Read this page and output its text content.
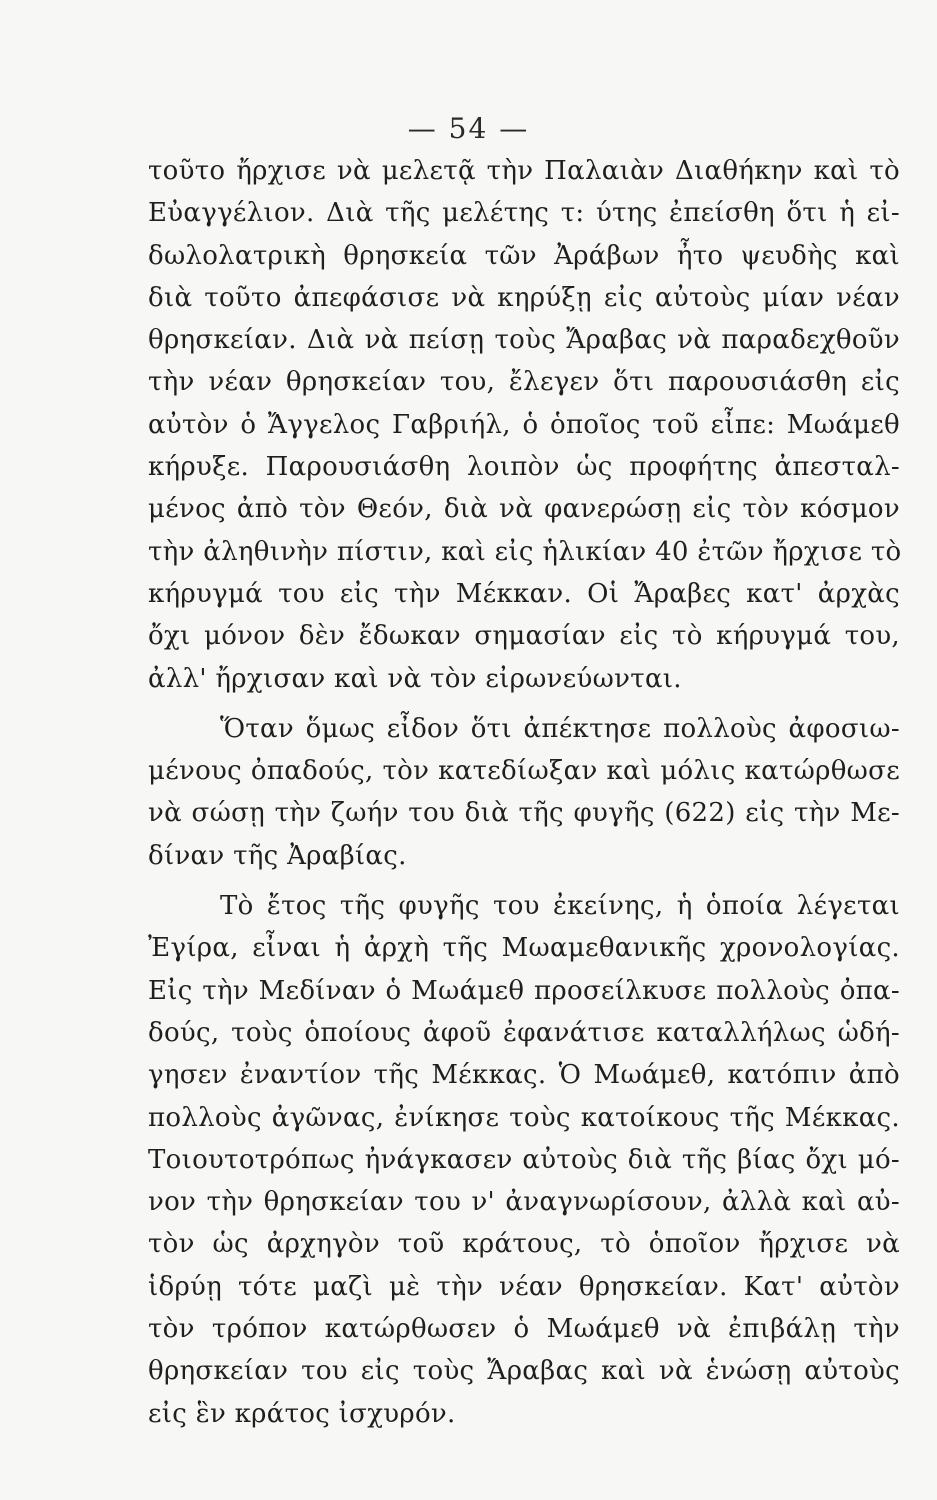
— 54 —
τοῦτο ἤρχισε νὰ μελετᾷ τὴν Παλαιὰν Διαθήκην καὶ τὸ
Εὐαγγέλιον. Διὰ τῆς μελέτης τ: ύτης ἐπείσθη ὅτι ἡ εἰ-
δωλολατρικὴ θρησκεία τῶν Ἀράβων ἦτο ψευδὴς καὶ
διὰ τοῦτο ἀπεφάσισε νὰ κηρύξῃ εἰς αὐτοὺς μίαν νέαν
θρησκείαν. Διὰ νὰ πείσῃ τοὺς Ἄραβας νὰ παραδεχθοῦν
τὴν νέαν θρησκείαν του, ἔλεγεν ὅτι παρουσιάσθη εἰς
αὐτὸν ὁ Ἄγγελος Γαβριήλ, ὁ ὁποῖος τοῦ εἶπε: Μωάμεθ
κήρυξε. Παρουσιάσθη λοιπὸν ὡς προφήτης ἀπεσταλ-
μένος ἀπὸ τὸν Θεόν, διὰ νὰ φανερώσῃ εἰς τὸν κόσμον
τὴν ἀληθινὴν πίστιν, καὶ εἰς ἡλικίαν 40 ἐτῶν ἤρχισε τὸ
κήρυγμά του εἰς τὴν Μέκκαν. Οἱ Ἄραβες κατ' ἀρχὰς
ὄχι μόνον δὲν ἔδωκαν σημασίαν εἰς τὸ κήρυγμά του,
ἀλλ' ἤρχισαν καὶ νὰ τὸν εἰρωνεύωνται.
Ὅταν ὅμως εἶδον ὅτι ἀπέκτησε πολλοὺς ἀφοσιω-
μένους ὀπαδούς, τὸν κατεδίωξαν καὶ μόλις κατώρθωσε
νὰ σώσῃ τὴν ζωήν του διὰ τῆς φυγῆς (622) εἰς τὴν Με-
δίναν τῆς Ἀραβίας.
Τὸ ἔτος τῆς φυγῆς του ἐκείνης, ἡ ὁποία λέγεται
Ἐγίρα, εἶναι ἡ ἀρχὴ τῆς Μωαμεθανικῆς χρονολογίας.
Εἰς τὴν Μεδίναν ὁ Μωάμεθ προσείλκυσε πολλοὺς ὀπα-
δούς, τοὺς ὁποίους ἀφοῦ ἐφανάτισε καταλλήλως ὡδή-
γησεν ἐναντίον τῆς Μέκκας. Ὁ Μωάμεθ, κατόπιν ἀπὸ
πολλοὺς ἀγῶνας, ἐνίκησε τοὺς κατοίκους τῆς Μέκκας.
Τοιουτοτρόπως ἠνάγκασεν αὐτοὺς διὰ τῆς βίας ὄχι μό-
νον τὴν θρησκείαν του ν' ἀναγνωρίσουν, ἀλλὰ καὶ αὐ-
τὸν ὡς ἀρχηγὸν τοῦ κράτους, τὸ ὁποῖον ἤρχισε νὰ
ἱδρύῃ τότε μαζὶ μὲ τὴν νέαν θρησκείαν. Κατ' αὐτὸν
τὸν τρόπον κατώρθωσεν ὁ Μωάμεθ νὰ ἐπιβάλῃ τὴν
θρησκείαν του εἰς τοὺς Ἄραβας καὶ νὰ ἑνώσῃ αὐτοὺς
εἰς ἓν κράτος ἰσχυρόν.
